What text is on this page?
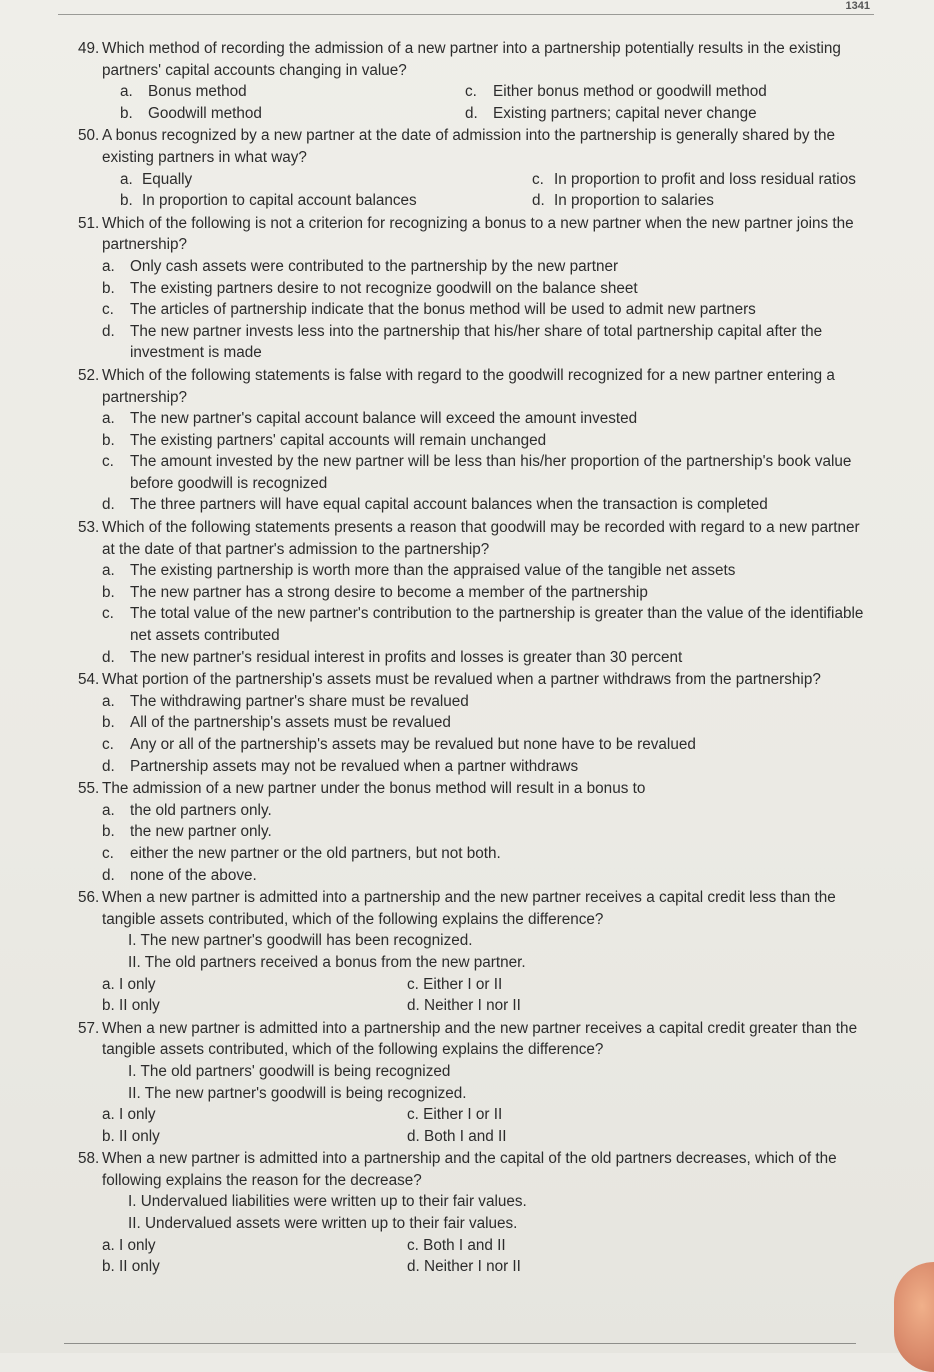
1341
49. Which method of recording the admission of a new partner into a partnership potentially results in the existing partners' capital accounts changing in value?
a. Bonus method	c. Either bonus method or goodwill method
b. Goodwill method	d. Existing partners; capital never change
50. A bonus recognized by a new partner at the date of admission into the partnership is generally shared by the existing partners in what way?
a. Equally	c. In proportion to profit and loss residual ratios
b. In proportion to capital account balances	d. In proportion to salaries
51. Which of the following is not a criterion for recognizing a bonus to a new partner when the new partner joins the partnership?
a. Only cash assets were contributed to the partnership by the new partner
b. The existing partners desire to not recognize goodwill on the balance sheet
c. The articles of partnership indicate that the bonus method will be used to admit new partners
d. The new partner invests less into the partnership that his/her share of total partnership capital after the investment is made
52. Which of the following statements is false with regard to the goodwill recognized for a new partner entering a partnership?
a. The new partner's capital account balance will exceed the amount invested
b. The existing partners' capital accounts will remain unchanged
c. The amount invested by the new partner will be less than his/her proportion of the partnership's book value before goodwill is recognized
d. The three partners will have equal capital account balances when the transaction is completed
53. Which of the following statements presents a reason that goodwill may be recorded with regard to a new partner at the date of that partner's admission to the partnership?
a. The existing partnership is worth more than the appraised value of the tangible net assets
b. The new partner has a strong desire to become a member of the partnership
c. The total value of the new partner's contribution to the partnership is greater than the value of the identifiable net assets contributed
d. The new partner's residual interest in profits and losses is greater than 30 percent
54. What portion of the partnership's assets must be revalued when a partner withdraws from the partnership?
a. The withdrawing partner's share must be revalued
b. All of the partnership's assets must be revalued
c. Any or all of the partnership's assets may be revalued but none have to be revalued
d. Partnership assets may not be revalued when a partner withdraws
55. The admission of a new partner under the bonus method will result in a bonus to
a. the old partners only.
b. the new partner only.
c. either the new partner or the old partners, but not both.
d. none of the above.
56. When a new partner is admitted into a partnership and the new partner receives a capital credit less than the tangible assets contributed, which of the following explains the difference?
I. The new partner's goodwill has been recognized.
II. The old partners received a bonus from the new partner.
a. I only	c. Either I or II
b. II only	d. Neither I nor II
57. When a new partner is admitted into a partnership and the new partner receives a capital credit greater than the tangible assets contributed, which of the following explains the difference?
I. The old partners' goodwill is being recognized
II. The new partner's goodwill is being recognized.
a. I only	c. Either I or II
b. II only	d. Both I and II
58. When a new partner is admitted into a partnership and the capital of the old partners decreases, which of the following explains the reason for the decrease?
I. Undervalued liabilities were written up to their fair values.
II. Undervalued assets were written up to their fair values.
a. I only	c. Both I and II
b. II only	d. Neither I nor II
